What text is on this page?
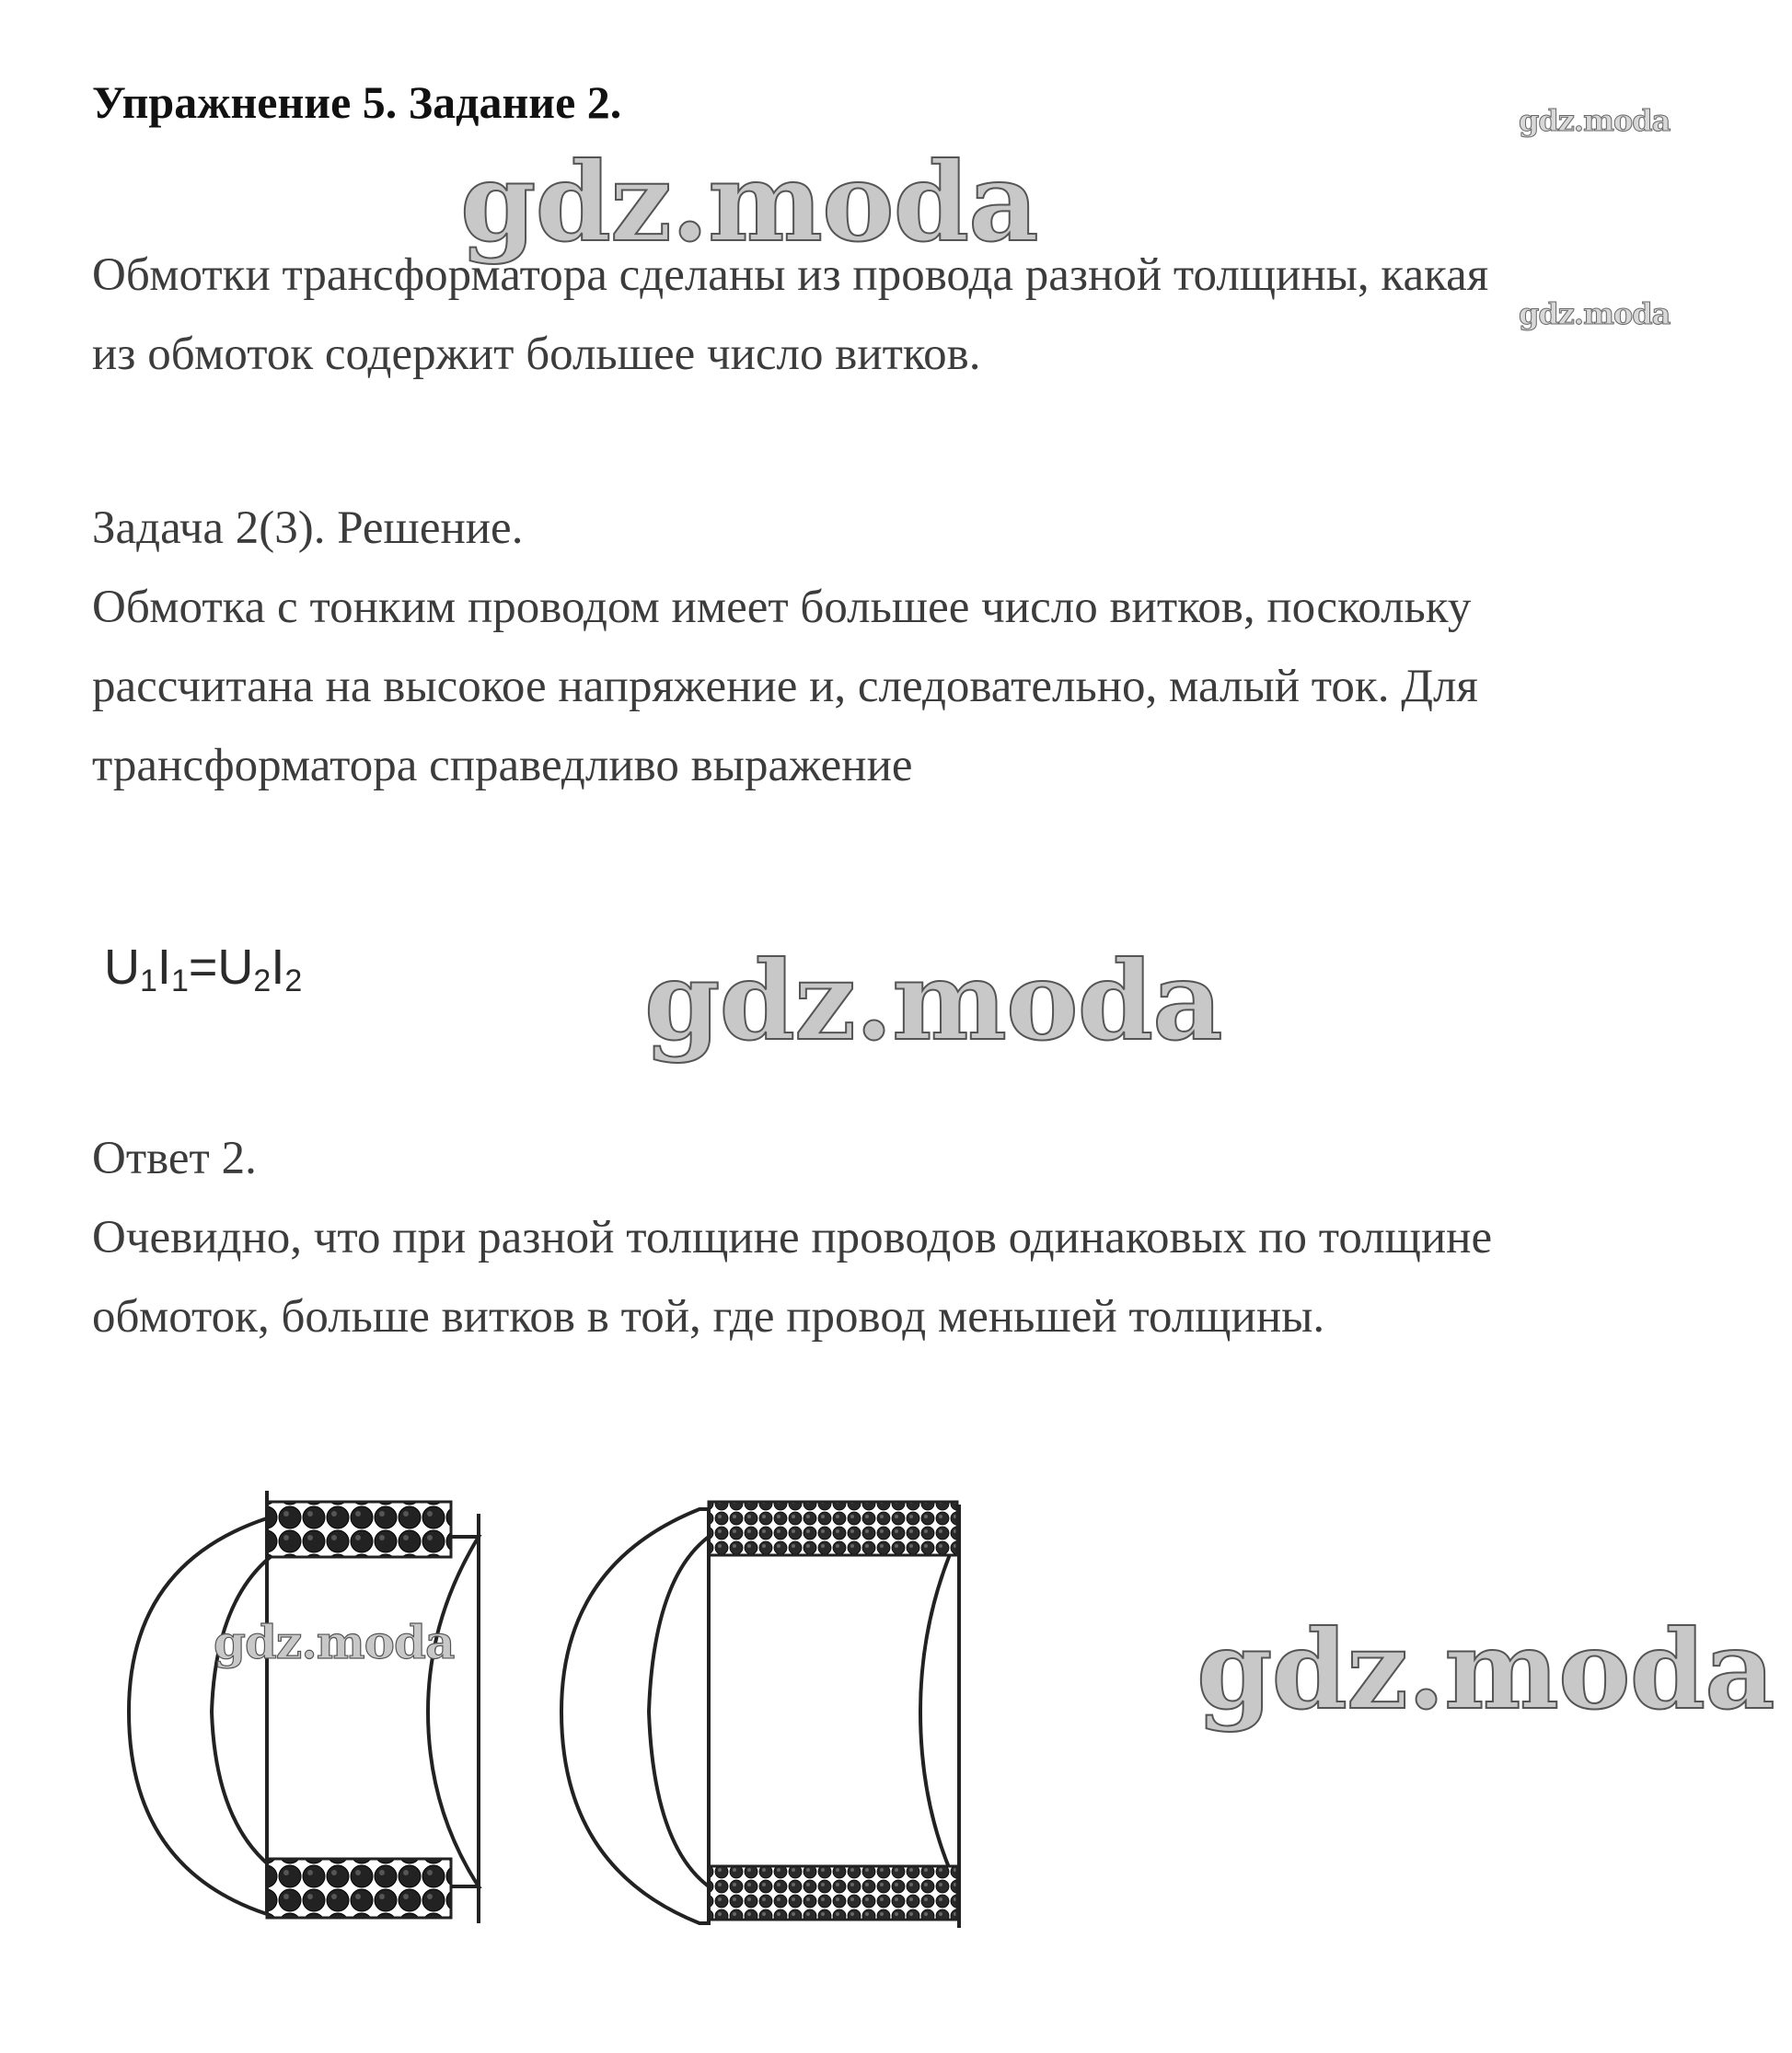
Упражнение 5. Задание 2.	gdz.moda
gdz.moda
gdz.moda
gdz.moda
gdz.moda
Обмотки трансформатора сделаны из провода разной толщины, какая
из обмоток содержит большее число витков.
Задача 2(3). Решение.
Обмотка с тонким проводом имеет большее число витков, поскольку
рассчитана на высокое напряжение и, следовательно, малый ток. Для
трансформатора справедливо выражение
$U_1I_1=U_2I_2$
Ответ 2.
Очевидно, что при разной толщине проводов одинаковых по толщине
обмоток, больше витков в той, где провод меньшей толщины.
gdz.moda
